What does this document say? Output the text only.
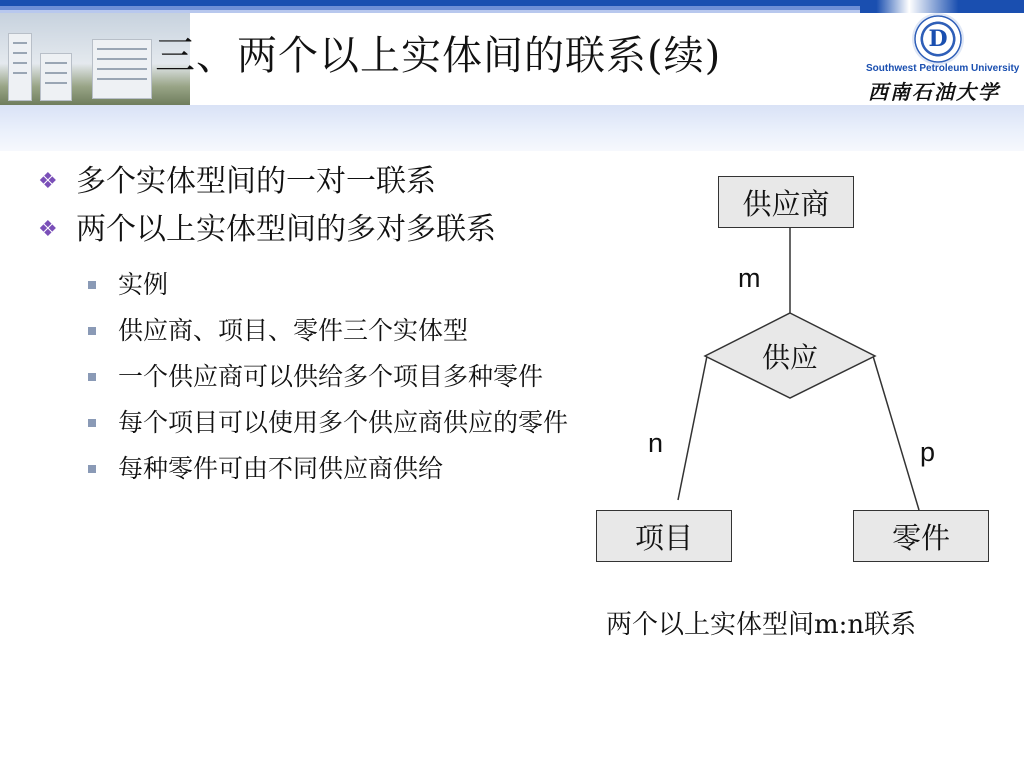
三、两个以上实体间的联系(续)	D
Southwest Petroleum University
西南石油大学
❖ 多个实体型间的一对一联系
❖ 两个以上实体型间的多对多联系
实例
供应商、项目、零件三个实体型
一个供应商可以供给多个项目多种零件
每个项目可以使用多个供应商供应的零件
每种零件可由不同供应商供给
供应商
供应
项目	零件
m
n	p
两个以上实体型间m:n联系
